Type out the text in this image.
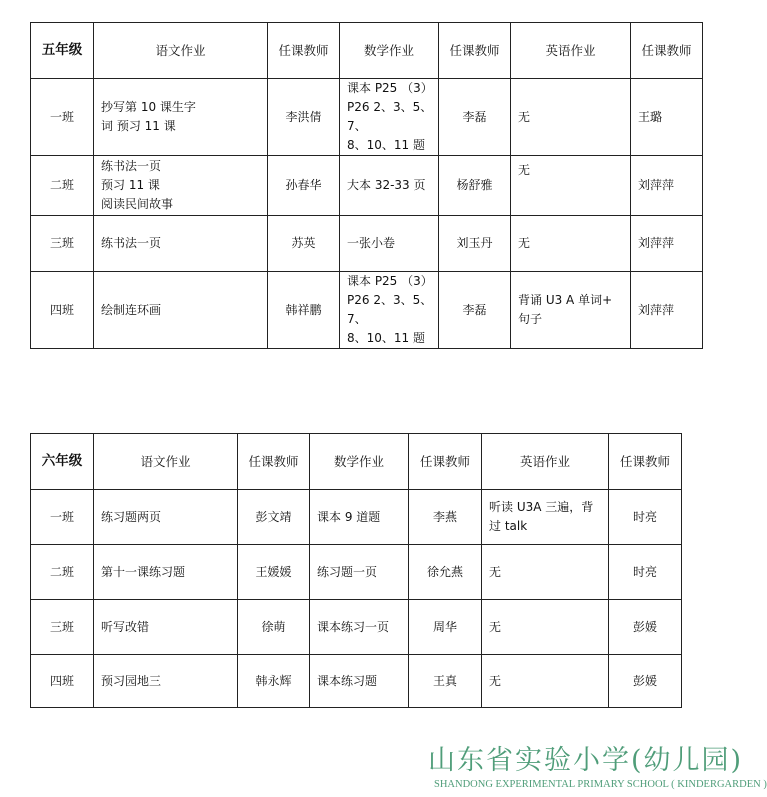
五年级	语文作业	任课教师	数学作业	任课教师	英语作业	任课教师
一班	抄写第 10 课生字
词 预习 11 课	李洪倩	课本 P25 （3）
P26 2、3、5、7、
8、10、11 题	李磊	无	王璐
二班	练书法一页
预习 11 课
阅读民间故事	孙春华	大本 32-33 页	杨舒雅	无	刘萍萍
三班	练书法一页	苏英	一张小卷	刘玉丹	无	刘萍萍
四班	绘制连环画	韩祥鹏	课本 P25 （3）
P26 2、3、5、7、
8、10、11 题	李磊	背诵 U3 A 单词+
句子	刘萍萍
六年级	语文作业	任课教师	数学作业	任课教师	英语作业	任课教师
一班	练习题两页	彭文靖	课本 9 道题	李燕	听读 U3A 三遍，背
过 talk	时亮
二班	第十一课练习题	王媛媛	练习题一页	徐允燕	无	时亮
三班	听写改错	徐萌	课本练习一页	周华	无	彭媛
四班	预习园地三	韩永辉	课本练习题	王真	无	彭媛
山东省实验小学(幼儿园)
SHANDONG EXPERIMENTAL PRIMARY SCHOOL ( KINDERGARDEN )
